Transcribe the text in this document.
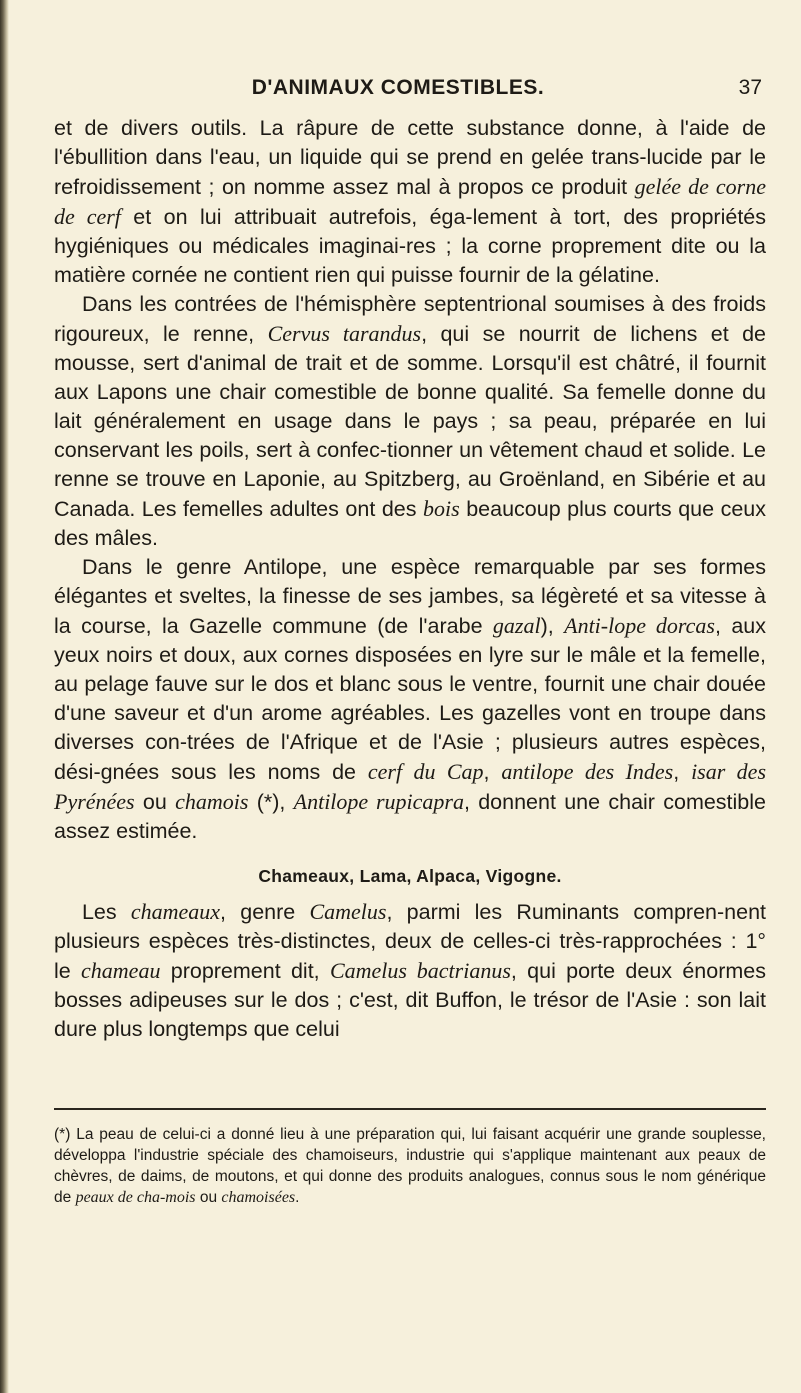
D'ANIMAUX COMESTIBLES.	37

et de divers outils. La râpure de cette substance donne, à l'aide de l'ébullition dans l'eau, un liquide qui se prend en gelée trans-lucide par le refroidissement ; on nomme assez mal à propos ce produit gelée de corne de cerf et on lui attribuait autrefois, éga-lement à tort, des propriétés hygiéniques ou médicales imaginai-res ; la corne proprement dite ou la matière cornée ne contient rien qui puisse fournir de la gélatine.

Dans les contrées de l'hémisphère septentrional soumises à des froids rigoureux, le renne, Cervus tarandus, qui se nourrit de lichens et de mousse, sert d'animal de trait et de somme. Lorsqu'il est châtré, il fournit aux Lapons une chair comestible de bonne qualité. Sa femelle donne du lait généralement en usage dans le pays ; sa peau, préparée en lui conservant les poils, sert à confec-tionner un vêtement chaud et solide. Le renne se trouve en Laponie, au Spitzberg, au Groënland, en Sibérie et au Canada. Les femelles adultes ont des bois beaucoup plus courts que ceux des mâles.

Dans le genre Antilope, une espèce remarquable par ses formes élégantes et sveltes, la finesse de ses jambes, sa légèreté et sa vitesse à la course, la Gazelle commune (de l'arabe gazal), Anti-lope dorcas, aux yeux noirs et doux, aux cornes disposées en lyre sur le mâle et la femelle, au pelage fauve sur le dos et blanc sous le ventre, fournit une chair douée d'une saveur et d'un arome agréables. Les gazelles vont en troupe dans diverses con-trées de l'Afrique et de l'Asie ; plusieurs autres espèces, dési-gnées sous les noms de cerf du Cap, antilope des Indes, isar des Pyrénées ou chamois (*), Antilope rupicapra, donnent une chair comestible assez estimée.

Chameaux, Lama, Alpaca, Vigogne.

Les chameaux, genre Camelus, parmi les Ruminants compren-nent plusieurs espèces très-distinctes, deux de celles-ci très-rapprochées : 1° le chameau proprement dit, Camelus bactrianus, qui porte deux énormes bosses adipeuses sur le dos ; c'est, dit Buffon, le trésor de l'Asie : son lait dure plus longtemps que celui

(*) La peau de celui-ci a donné lieu à une préparation qui, lui faisant acquérir une grande souplesse, développa l'industrie spéciale des chamoiseurs, industrie qui s'applique maintenant aux peaux de chèvres, de daims, de moutons, et qui donne des produits analogues, connus sous le nom générique de peaux de cha-mois ou chamoisées.
